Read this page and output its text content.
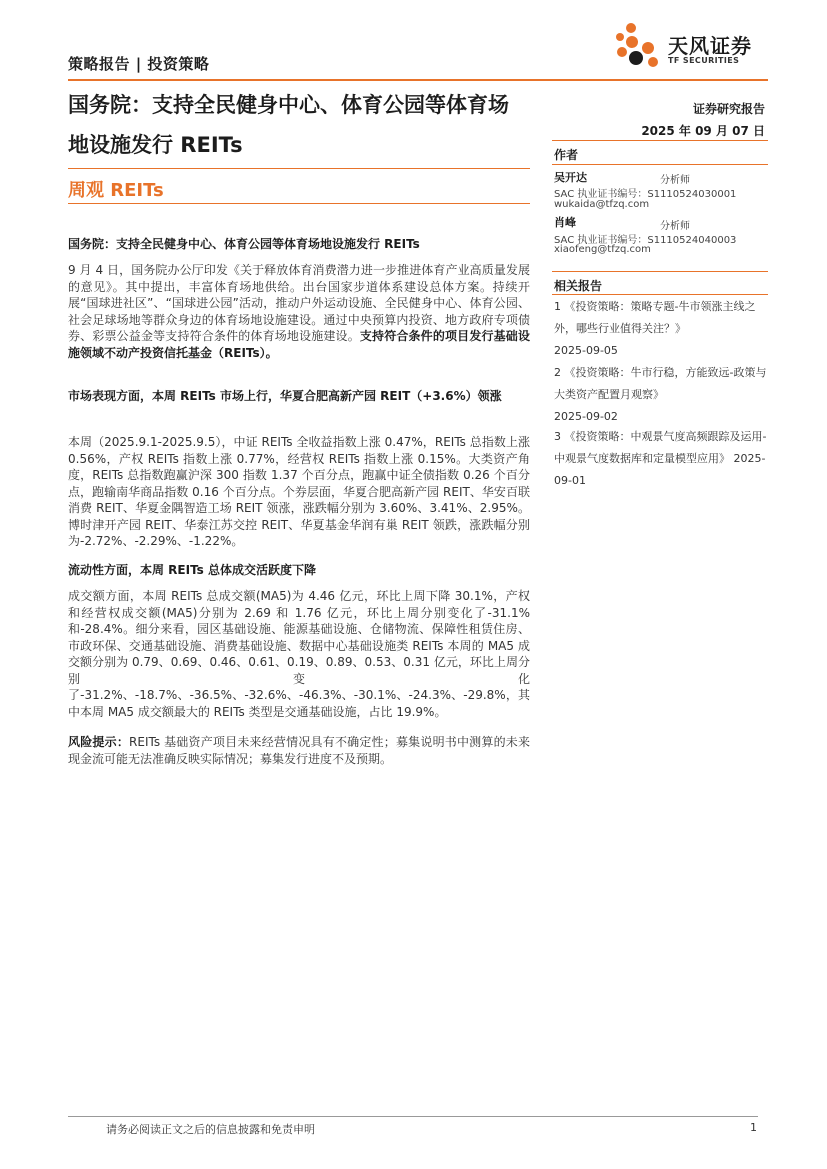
策略报告 | 投资策略
天风证券
TF SECURITIES
国务院：支持全民健身中心、体育公园等体育场
地设施发行 REITs
周观 REITs
证券研究报告
2025 年 09 月 07 日
作者
吴开达	分析师
SAC 执业证书编号：S1110524030001
wukaida@tfzq.com
肖峰	分析师
SAC 执业证书编号：S1110524040003
xiaofeng@tfzq.com
相关报告
1 《投资策略：策略专题-牛市领涨主线之外，哪些行业值得关注？》
2025-09-05
2 《投资策略：牛市行稳，方能致远-政策与大类资产配置月观察》
2025-09-02
3 《投资策略：中观景气度高频跟踪及运用-中观景气度数据库和定量模型应用》 2025-09-01
国务院：支持全民健身中心、体育公园等体育场地设施发行 REITs
9 月 4 日，国务院办公厅印发《关于释放体育消费潜力进一步推进体育产业高质量发展的意见》。其中提出，丰富体育场地供给。出台国家步道体系建设总体方案。持续开展“国球进社区”、“国球进公园”活动，推动户外运动设施、全民健身中心、体育公园、社会足球场地等群众身边的体育场地设施建设。通过中央预算内投资、地方政府专项债券、彩票公益金等支持符合条件的体育场地设施建设。支持符合条件的项目发行基础设施领域不动产投资信托基金（REITs）。
市场表现方面，本周 REITs 市场上行，华夏合肥高新产园 REIT（+3.6%）领涨
本周（2025.9.1-2025.9.5），中证 REITs 全收益指数上涨 0.47%，REITs 总指数上涨 0.56%，产权 REITs 指数上涨 0.77%，经营权 REITs 指数上涨 0.15%。大类资产角度，REITs 总指数跑赢沪深 300 指数 1.37 个百分点，跑赢中证全债指数 0.26 个百分点，跑输南华商品指数 0.16 个百分点。个券层面，华夏合肥高新产园 REIT、华安百联消费 REIT、华夏金隅智造工场 REIT 领涨，涨跌幅分别为 3.60%、3.41%、2.95%。博时津开产园 REIT、华泰江苏交控 REIT、华夏基金华润有巢 REIT 领跌，涨跌幅分别为-2.72%、-2.29%、-1.22%。
流动性方面，本周 REITs 总体成交活跃度下降
成交额方面，本周 REITs 总成交额(MA5)为 4.46 亿元，环比上周下降 30.1%，产权和经营权成交额(MA5)分别为 2.69 和 1.76 亿元，环比上周分别变化了-31.1%和-28.4%。细分来看，园区基础设施、能源基础设施、仓储物流、保障性租赁住房、市政环保、交通基础设施、消费基础设施、数据中心基础设施类 REITs 本周的 MA5 成交额分别为 0.79、0.69、0.46、0.61、0.19、0.89、0.53、0.31 亿元，环比上周分别变化了-31.2%、-18.7%、-36.5%、-32.6%、-46.3%、-30.1%、-24.3%、-29.8%，其中本周 MA5 成交额最大的 REITs 类型是交通基础设施，占比 19.9%。
风险提示：REITs 基础资产项目未来经营情况具有不确定性；募集说明书中测算的未来现金流可能无法准确反映实际情况；募集发行进度不及预期。
请务必阅读正文之后的信息披露和免责申明	1
